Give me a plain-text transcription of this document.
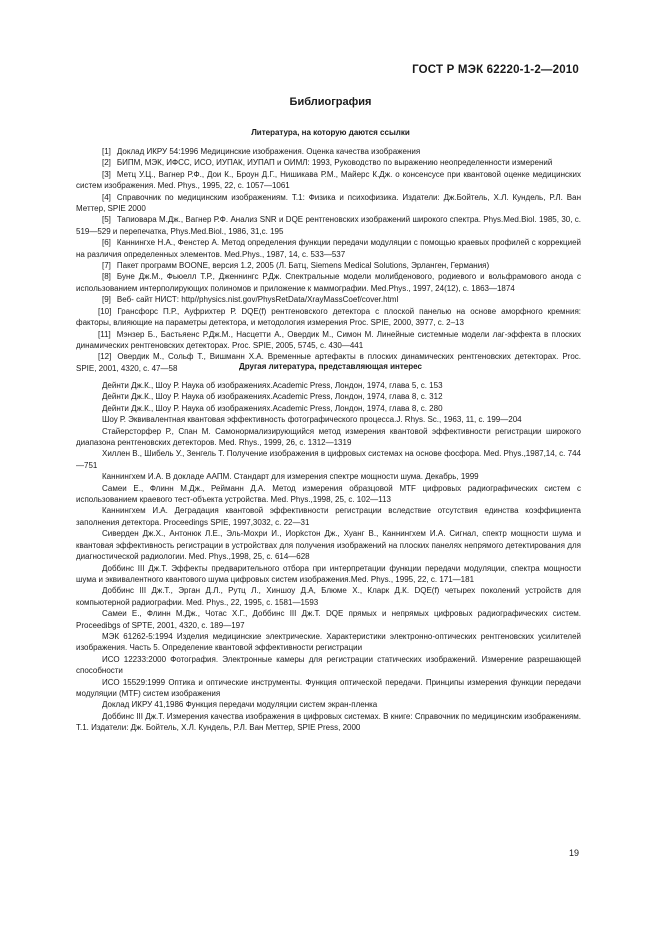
ГОСТ Р МЭК 62220-1-2—2010
Библиография
Литература, на которую даются ссылки

[1] Доклад ИКРУ 54:1996 Медицинские изображения. Оценка качества изображения

[2] БИПМ, МЭК, ИФСС, ИСО, ИУПАК, ИУПАП и ОИМЛ: 1993, Руководство по выражению неопределенности измерений

[3] Метц У.Ц., Вагнер Р.Ф., Дои К., Броун Д.Г., Нишикава Р.М., Майерс К.Дж. о консенсусе при квантовой оценке медицинских систем изображения. Med. Phys., 1995, 22, с. 1057—1061

[4] Справочник по медицинским изображениям. Т.1: Физика и психофизика. Издатели: Дж.Бойтель, Х.Л. Кундель, Р.Л. Ван Меттер, SPIE 2000

[5] Тапиовара М.Дж., Вагнер Р.Ф. Анализ SNR и DQE рентгеновских изображений широкого спектра. Phys.Med.Biol. 1985, 30, с. 519—529 и перепечатка, Phys.Med.Biol., 1986, 31,c. 195

[6] Каннингхе Н.А., Фенстер А. Метод определения функции передачи модуляции с помощью краевых профилей с коррекцией на различия определенных элементов. Med.Phys., 1987, 14, с. 533—537

[7] Пакет программ BOONE, версия 1.2, 2005 (Л. Батц, Siemens Medical Solutions, Эрланген, Германия)

[8] Буне Дж.М., Фьюелл Т.Р., Дженнингс Р.Дж. Спектральные модели молибденового, родиевого и вольфрамового анода с использованием интерполирующих полиномов и приложение к маммографии. Med.Phys., 1997, 24(12), с. 1863—1874

[9] Веб- сайт НИСТ: http//physics.nist.gov/PhysRetData/XrayMassCoef/cover.html

[10] Грансфорс П.Р., Ауфрихтер Р. DQE(f) рентгеновского детектора с плоской панелью на основе аморфного кремния: факторы, влияющие на параметры детектора, и методология измерения Proc. SPIE, 2000, 3977, с. 2–13

[11] Мэнзер Б., Бастьяенс Р.Дж.М., Насцетти А., Овердик М., Симон М. Линейные системные модели лаг-эффекта в плоских динамических рентгеновских детекторах. Proc. SPIE, 2005, 5745, с. 430—441

[12] Овердик М., Сольф Т., Вишманн Х.А. Временные артефакты в плоских динамических рентгеновских детекторах. Proc. SPIE, 2001, 4320, с. 47—58	Другая литература, представляющая интерес

Дейнти Дж.К., Шоу Р. Наука об изображениях.Academic Press, Лондон, 1974, глава 5, с. 153

Дейнти Дж.К., Шоу Р. Наука об изображениях.Academic Press, Лондон, 1974, глава 8, с. 312

Дейнти Дж.К., Шоу Р. Наука об изображениях.Academic Press, Лондон, 1974, глава 8, с. 280

Шоу Р. Эквивалентная квантовая эффективность фотографического процесса.J. Rhys. Sc., 1963, 11, с. 199—204

Стайерсторфер Р., Спан М. Самонормализирующийся метод измерения квантовой эффективности регистрации широкого диапазона рентгеновских детекторов. Med. Rhys., 1999, 26, с. 1312—1319

Хиллен В., Шибель У., Зенгель Т. Получение изображения в цифровых системах на основе фосфора. Med. Phys.,1987,14, с. 744—751

Каннингхем И.А. В докладе ААПМ. Стандарт для измерения спектре мощности шума. Декабрь, 1999

Самеи Е., Флинн М.Дж., Рейманн Д.А. Метод измерения образцовой MTF цифровых радиографических систем с использованием краевого тест-объекта устройства. Med. Phys.,1998, 25, с. 102—113

Каннингхем И.А. Деградация квантовой эффективности регистрации вследствие отсутствия единства коэффициента заполнения детектора. Proceedings SPIE, 1997,3032, с. 22—31

Сиверден Дж.Х., Антонюк Л.Е., Эль-Мохри И., Иорkстон Дж., Хуанг В., Каннингхем И.А. Сигнал, спектр мощности шума и квантовая эффективность регистрации в устройствах для получения изображений на плоских панелях непрямого детектирования для диагностической радиологии. Med. Phys.,1998, 25, с. 614—628

Доббинс III Дж.Т. Эффекты предварительного отбора при интерпретации функции передачи модуляции, спектра мощности шума и эквивалентного квантового шума цифровых систем изображения.Med. Phys., 1995, 22, с. 171—181

Доббинс III Дж.Т., Эрган Д.Л., Рутц Л., Хиншоу Д.А, Блюме Х., Кларк Д.К. DQE(f) четырех поколений устройств для компьютерной радиографии. Med. Phys., 22, 1995, с. 1581—1593

Самеи Е., Флинн М.Дж., Чотас Х.Г., Доббинс III Дж.Т. DQE прямых и непрямых цифровых радиографических систем. Proceedibgs of SPTE, 2001, 4320, с. 189—197

МЭК 61262-5:1994 Изделия медицинские электрические. Характеристики электронно-оптических рентгеновских усилителей изображения. Часть 5. Определение квантовой эффективности регистрации

ИСО 12233:2000 Фотография. Электронные камеры для регистрации статических изображений. Измерение разрешающей способности

ИСО 15529:1999 Оптика и оптические инструменты. Функция оптической передачи. Принципы измерения функции передачи модуляции (MTF) систем изображения

Доклад ИКРУ 41,1986 Функция передачи модуляции систем экран-пленка

Доббинс III Дж.Т. Измерения качества изображения в цифровых системах. В книге: Справочник по медицинским изображениям. Т.1. Издатели: Дж. Бойтель, Х.Л. Кундель, Р.Л. Ван Меттер, SPIE Press, 2000

19
